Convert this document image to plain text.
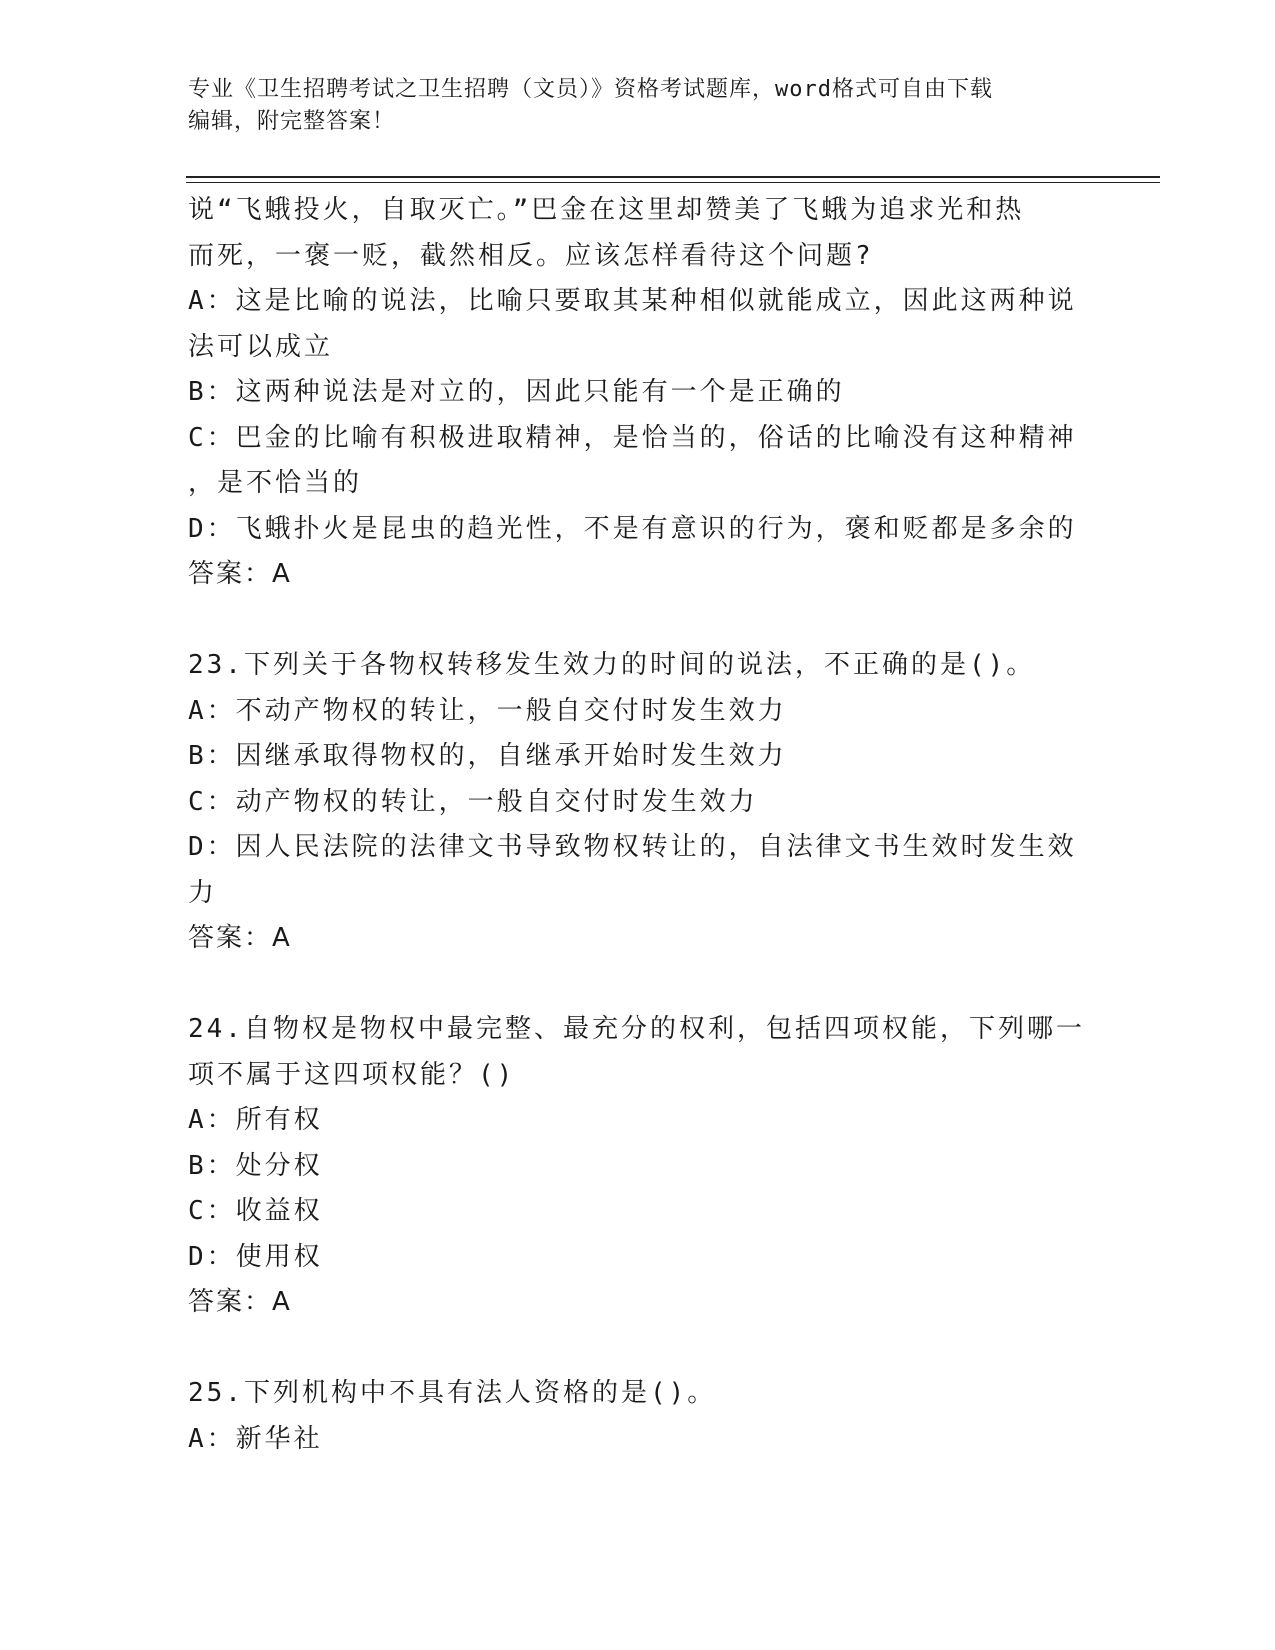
专业《卫生招聘考试之卫生招聘（文员）》资格考试题库，word格式可自由下载
编辑，附完整答案！
说“飞蛾投火，自取灭亡。”巴金在这里却赞美了飞蛾为追求光和热
而死，一褒一贬，截然相反。应该怎样看待这个问题?
A：这是比喻的说法，比喻只要取其某种相似就能成立，因此这两种说
法可以成立
B：这两种说法是对立的，因此只能有一个是正确的
C：巴金的比喻有积极进取精神，是恰当的，俗话的比喻没有这种精神
，是不恰当的
D：飞蛾扑火是昆虫的趋光性，不是有意识的行为，褒和贬都是多余的
答案：A
23.下列关于各物权转移发生效力的时间的说法，不正确的是()。
A：不动产物权的转让，一般自交付时发生效力
B：因继承取得物权的，自继承开始时发生效力
C：动产物权的转让，一般自交付时发生效力
D：因人民法院的法律文书导致物权转让的，自法律文书生效时发生效
力
答案：A
24.自物权是物权中最完整、最充分的权利，包括四项权能，下列哪一
项不属于这四项权能？()
A：所有权
B：处分权
C：收益权
D：使用权
答案：A
25.下列机构中不具有法人资格的是()。
A：新华社
